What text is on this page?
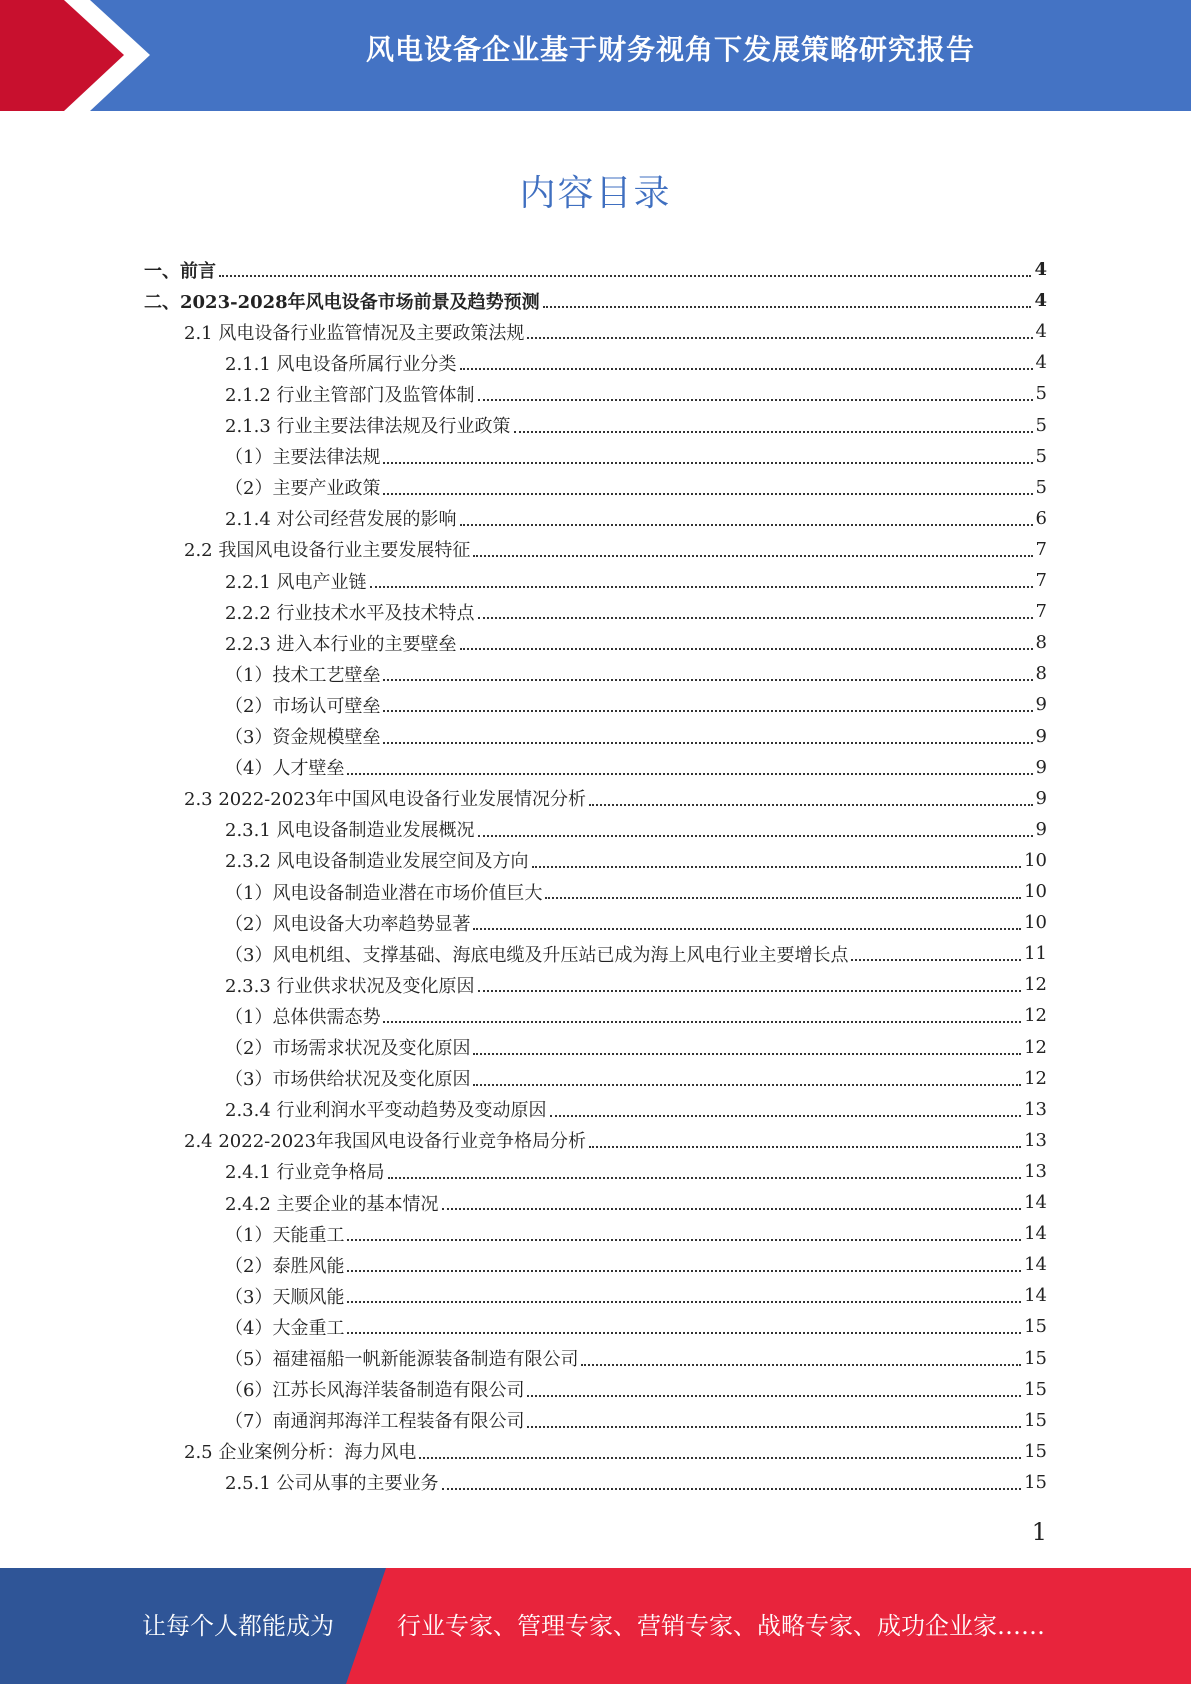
风电设备企业基于财务视角下发展策略研究报告
内容目录
一、前言	4
二、2023-2028年风电设备市场前景及趋势预测	4
2.1 风电设备行业监管情况及主要政策法规	4
2.1.1 风电设备所属行业分类	4
2.1.2 行业主管部门及监管体制	5
2.1.3 行业主要法律法规及行业政策	5
（1）主要法律法规	5
（2）主要产业政策	5
2.1.4 对公司经营发展的影响	6
2.2 我国风电设备行业主要发展特征	7
2.2.1 风电产业链	7
2.2.2 行业技术水平及技术特点	7
2.2.3 进入本行业的主要壁垒	8
（1）技术工艺壁垒	8
（2）市场认可壁垒	9
（3）资金规模壁垒	9
（4）人才壁垒	9
2.3 2022-2023年中国风电设备行业发展情况分析	9
2.3.1 风电设备制造业发展概况	9
2.3.2 风电设备制造业发展空间及方向	10
（1）风电设备制造业潜在市场价值巨大	10
（2）风电设备大功率趋势显著	10
（3）风电机组、支撑基础、海底电缆及升压站已成为海上风电行业主要增长点	11
2.3.3 行业供求状况及变化原因	12
（1）总体供需态势	12
（2）市场需求状况及变化原因	12
（3）市场供给状况及变化原因	12
2.3.4 行业利润水平变动趋势及变动原因	13
2.4 2022-2023年我国风电设备行业竞争格局分析	13
2.4.1 行业竞争格局	13
2.4.2 主要企业的基本情况	14
（1）天能重工	14
（2）泰胜风能	14
（3）天顺风能	14
（4）大金重工	15
（5）福建福船一帆新能源装备制造有限公司	15
（6）江苏长风海洋装备制造有限公司	15
（7）南通润邦海洋工程装备有限公司	15
2.5 企业案例分析：海力风电	15
2.5.1 公司从事的主要业务	15
1
让每个人都能成为	行业专家、管理专家、营销专家、战略专家、成功企业家……
